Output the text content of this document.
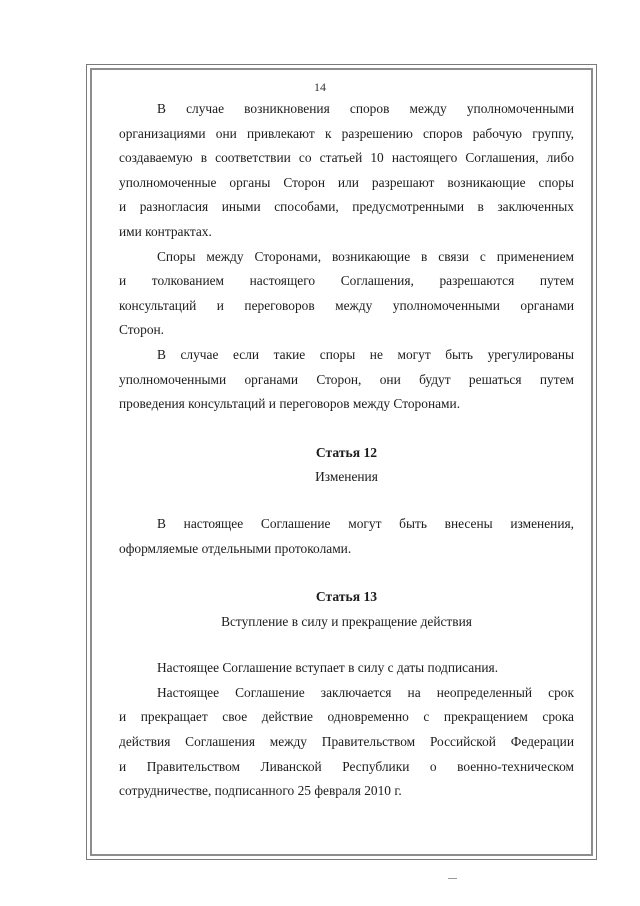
14
В случае возникновения споров между уполномоченными
организациями они привлекают к разрешению споров рабочую группу,
создаваемую в соответствии со статьей 10 настоящего Соглашения, либо
уполномоченные органы Сторон или разрешают возникающие споры
и разногласия иными способами, предусмотренными в заключенных
ими контрактах.
Споры между Сторонами, возникающие в связи с применением
и толкованием настоящего Соглашения, разрешаются путем
консультаций и переговоров между уполномоченными органами
Сторон.
В случае если такие споры не могут быть урегулированы
уполномоченными органами Сторон, они будут решаться путем
проведения консультаций и переговоров между Сторонами.
Статья 12
Изменения
В настоящее Соглашение могут быть внесены изменения,
оформляемые отдельными протоколами.
Статья 13
Вступление в силу и прекращение действия
Настоящее Соглашение вступает в силу с даты подписания.
Настоящее Соглашение заключается на неопределенный срок
и прекращает свое действие одновременно с прекращением срока
действия Соглашения между Правительством Российской Федерации
и Правительством Ливанской Республики о военно-техническом
сотрудничестве, подписанного 25 февраля 2010 г.
